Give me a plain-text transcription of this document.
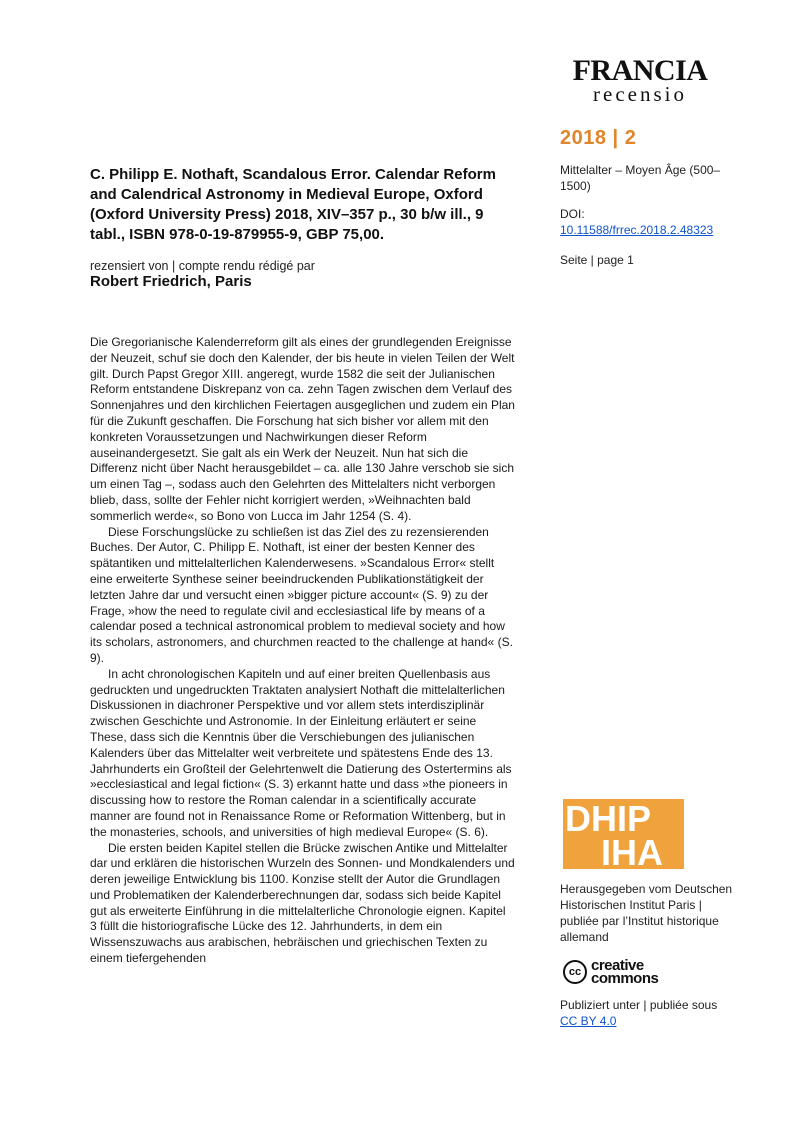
FRANCIA
recensio
2018 | 2
Mittelalter – Moyen Âge (500–1500)
DOI:
10.11588/frrec.2018.2.48323
Seite | page 1
C. Philipp E. Nothaft, Scandalous Error. Calendar Reform and Calendrical Astronomy in Medieval Europe, Oxford (Oxford University Press) 2018, XIV–357 p., 30 b/w ill., 9 tabl., ISBN 978-0-19-879955-9, GBP 75,00.
rezensiert von | compte rendu rédigé par
Robert Friedrich, Paris

Die Gregorianische Kalenderreform gilt als eines der grundlegenden Ereignisse der Neuzeit, schuf sie doch den Kalender, der bis heute in vielen Teilen der Welt gilt. Durch Papst Gregor XIII. angeregt, wurde 1582 die seit der Julianischen Reform entstandene Diskrepanz von ca. zehn Tagen zwischen dem Verlauf des Sonnenjahres und den kirchlichen Feiertagen ausgeglichen und zudem ein Plan für die Zukunft geschaffen. Die Forschung hat sich bisher vor allem mit den konkreten Voraussetzungen und Nachwirkungen dieser Reform auseinandergesetzt. Sie galt als ein Werk der Neuzeit. Nun hat sich die Differenz nicht über Nacht herausgebildet – ca. alle 130 Jahre verschob sie sich um einen Tag –, sodass auch den Gelehrten des Mittelalters nicht verborgen blieb, dass, sollte der Fehler nicht korrigiert werden, »Weihnachten bald sommerlich werde«, so Bono von Lucca im Jahr 1254 (S. 4).

Diese Forschungslücke zu schließen ist das Ziel des zu rezensierenden Buches. Der Autor, C. Philipp E. Nothaft, ist einer der besten Kenner des spätantiken und mittelalterlichen Kalenderwesens. »Scandalous Error« stellt eine erweiterte Synthese seiner beeindruckenden Publikationstätigkeit der letzten Jahre dar und versucht einen »bigger picture account« (S. 9) zu der Frage, »how the need to regulate civil and ecclesiastical life by means of a calendar posed a technical astronomical problem to medieval society and how its scholars, astronomers, and churchmen reacted to the challenge at hand« (S. 9).

In acht chronologischen Kapiteln und auf einer breiten Quellenbasis aus gedruckten und ungedruckten Traktaten analysiert Nothaft die mittelalterlichen Diskussionen in diachroner Perspektive und vor allem stets interdisziplinär zwischen Geschichte und Astronomie. In der Einleitung erläutert er seine These, dass sich die Kenntnis über die Verschiebungen des julianischen Kalenders über das Mittelalter weit verbreitete und spätestens Ende des 13. Jahrhunderts ein Großteil der Gelehrtenwelt die Datierung des Ostertermins als »ecclesiastical and legal fiction« (S. 3) erkannt hatte und dass »the pioneers in discussing how to restore the Roman calendar in a scientifically accurate manner are found not in Renaissance Rome or Reformation Wittenberg, but in the monasteries, schools, and universities of high medieval Europe« (S. 6).

Die ersten beiden Kapitel stellen die Brücke zwischen Antike und Mittelalter dar und erklären die historischen Wurzeln des Sonnen- und Mondkalenders und deren jeweilige Entwicklung bis 1100. Konzise stellt der Autor die Grundlagen und Problematiken der Kalenderberechnungen dar, sodass sich beide Kapitel gut als erweiterte Einführung in die mittelalterliche Chronologie eignen. Kapitel 3 füllt die historiografische Lücke des 12. Jahrhunderts, in dem ein Wissenszuwachs aus arabischen, hebräischen und griechischen Texten zu einem tiefergehenden

DHIP
IHA
Herausgegeben vom Deutschen Historischen Institut Paris | publiée par l’Institut historique allemand
cc creative
commons
Publiziert unter | publiée sous
CC BY 4.0
